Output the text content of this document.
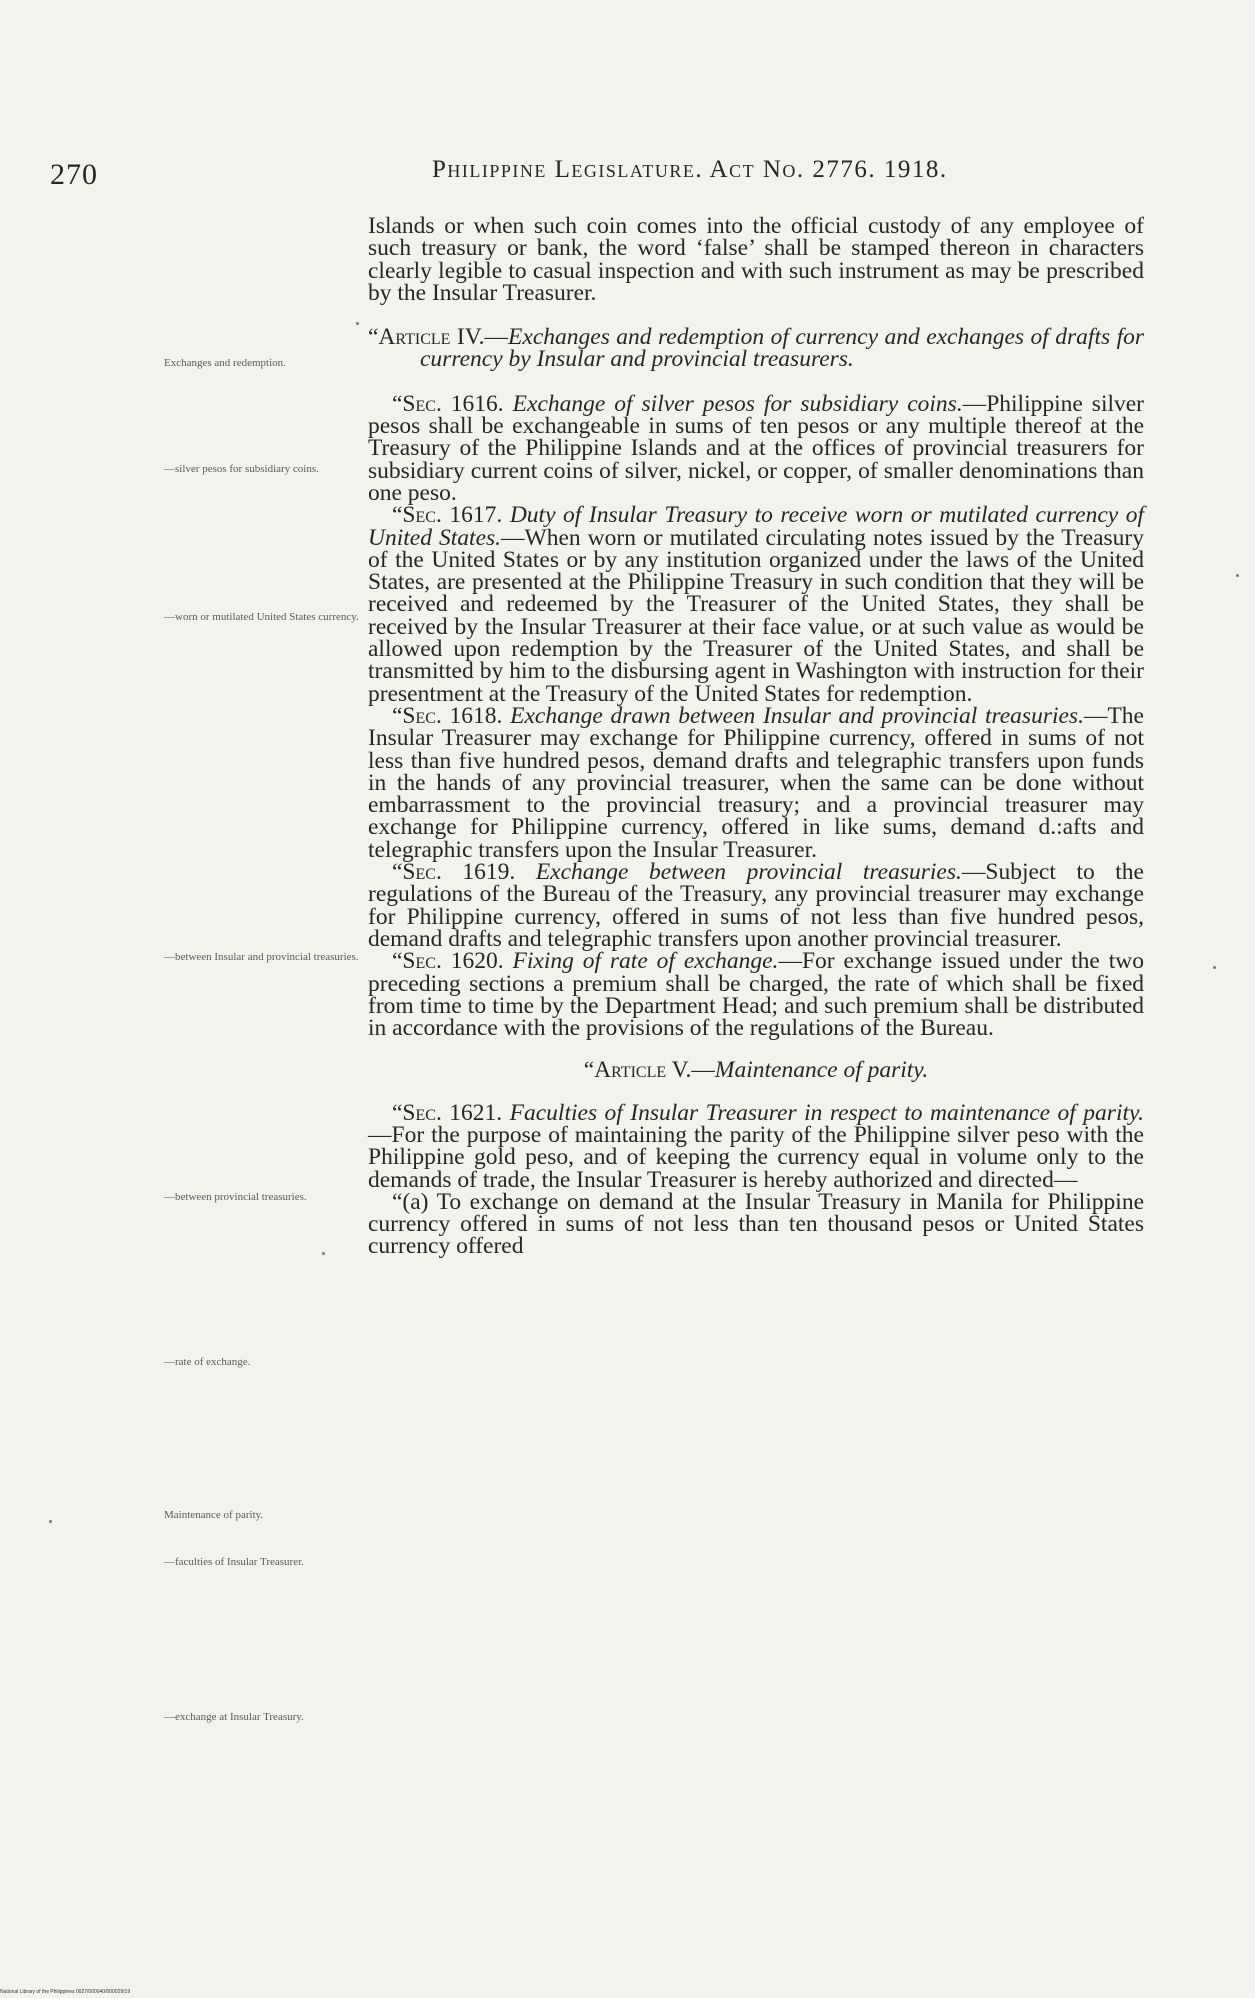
270	Philippine Legislature. Act No. 2776. 1918.
Exchanges and redemption.
—silver pesos for subsidiary coins.
—worn or mutilated United States currency.
—between Insular and provincial treasuries.
—between provincial treasuries.
—rate of exchange.
Maintenance of parity.
—faculties of Insular Treasurer.
—exchange at Insular Treasury.

Islands or when such coin comes into the official custody of any employee of such treasury or bank, the word ‘false’ shall be stamped thereon in characters clearly legible to casual inspection and with such instrument as may be prescribed by the Insular Treasurer.

“Article IV.—Exchanges and redemption of currency and exchanges of drafts for currency by Insular and provincial treasurers.

“Sec. 1616. Exchange of silver pesos for subsidiary coins.—Philippine silver pesos shall be exchangeable in sums of ten pesos or any multiple thereof at the Treasury of the Philippine Islands and at the offices of provincial treasurers for subsidiary current coins of silver, nickel, or copper, of smaller denominations than one peso.

“Sec. 1617. Duty of Insular Treasury to receive worn or mutilated currency of United States.—When worn or mutilated circulating notes issued by the Treasury of the United States or by any institution organized under the laws of the United States, are presented at the Philippine Treasury in such condition that they will be received and redeemed by the Treasurer of the United States, they shall be received by the Insular Treasurer at their face value, or at such value as would be allowed upon redemption by the Treasurer of the United States, and shall be transmitted by him to the disbursing agent in Washington with instruction for their presentment at the Treasury of the United States for redemption.

“Sec. 1618. Exchange drawn between Insular and provincial treasuries.—The Insular Treasurer may exchange for Philippine currency, offered in sums of not less than five hundred pesos, demand drafts and telegraphic transfers upon funds in the hands of any provincial treasurer, when the same can be done without embarrassment to the provincial treasury; and a provincial treasurer may exchange for Philippine currency, offered in like sums, demand d.:afts and telegraphic transfers upon the Insular Treasurer.

“Sec. 1619. Exchange between provincial treasuries.—Subject to the regulations of the Bureau of the Treasury, any provincial treasurer may exchange for Philippine currency, offered in sums of not less than five hundred pesos, demand drafts and telegraphic transfers upon another provincial treasurer.

“Sec. 1620. Fixing of rate of exchange.—For exchange issued under the two preceding sections a premium shall be charged, the rate of which shall be fixed from time to time by the Department Head; and such premium shall be distributed in accordance with the provisions of the regulations of the Bureau.

“Article V.—Maintenance of parity.

“Sec. 1621. Faculties of Insular Treasurer in respect to maintenance of parity.—For the purpose of maintaining the parity of the Philippine silver peso with the Philippine gold peso, and of keeping the currency equal in volume only to the demands of trade, the Insular Treasurer is hereby authorized and directed—

“(a) To exchange on demand at the Insular Treasury in Manila for Philippine currency offered in sums of not less than ten thousand pesos or United States currency offered

National Library of the Philippines 0027/000040/000029/19
